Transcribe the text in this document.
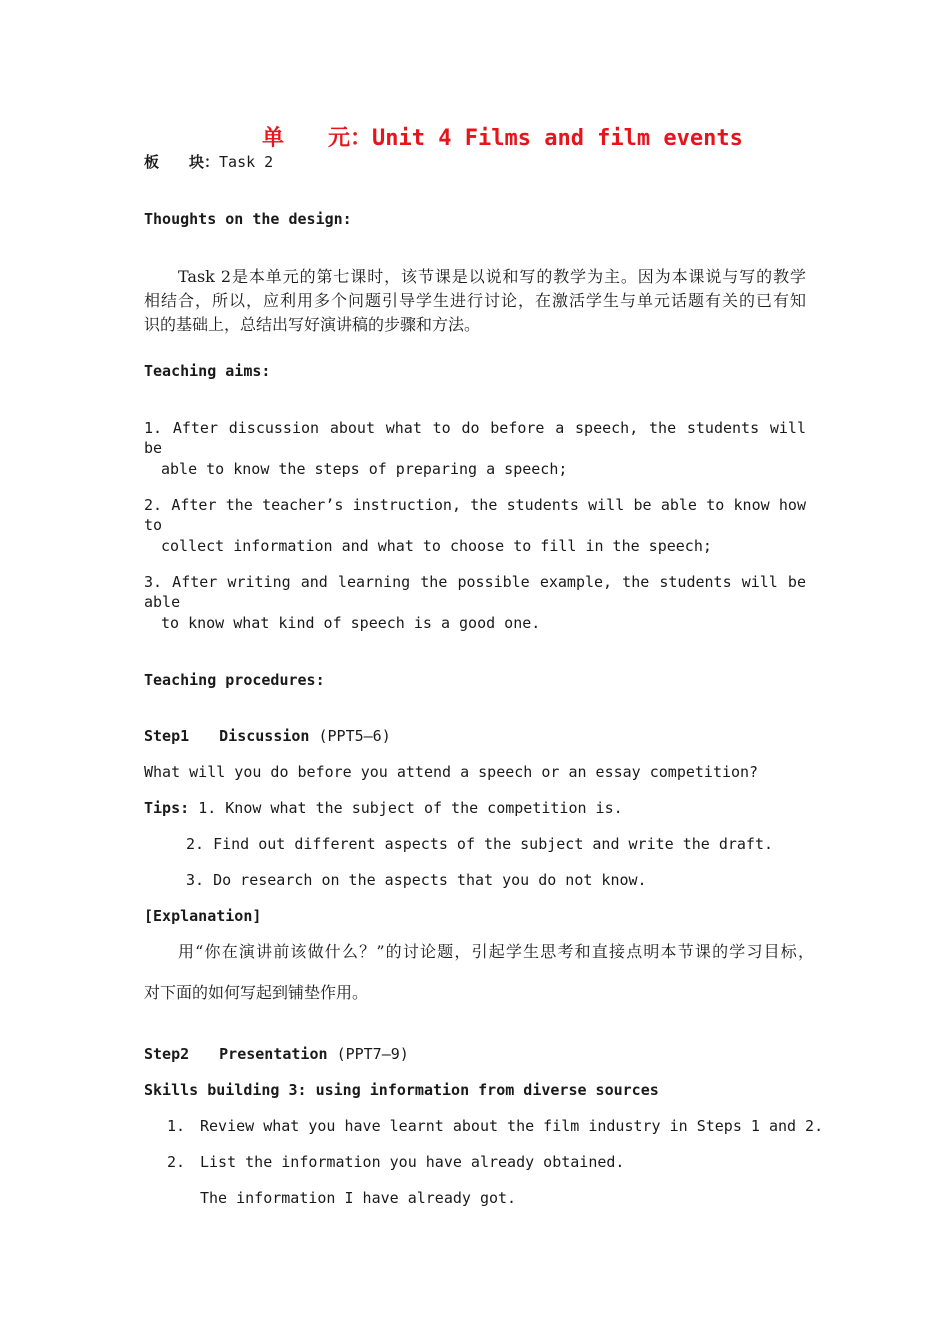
单　　元：Unit 4 Films and film events
板　　块：Task 2
Thoughts on the design:
Task 2是本单元的第七课时，该节课是以说和写的教学为主。因为本课说与写的教学
相结合，所以，应利用多个问题引导学生进行讨论，在激活学生与单元话题有关的已有知
识的基础上，总结出写好演讲稿的步骤和方法。
Teaching aims:
1. After discussion about what to do before a speech, the students will be
able to know the steps of preparing a speech;
2. After the teacher’s instruction, the students will be able to know how to
collect information and what to choose to fill in the speech;
3. After writing and learning the possible example, the students will be able
to know what kind of speech is a good one.
Teaching procedures:
Step1 Discussion (PPT5—6)
What will you do before you attend a speech or an essay competition?
Tips: 1. Know what the subject of the competition is.
2. Find out different aspects of the subject and write the draft.
3. Do research on the aspects that you do not know.
[Explanation]
用“你在演讲前该做什么？”的讨论题，引起学生思考和直接点明本节课的学习目标，
对下面的如何写起到铺垫作用。
Step2 Presentation (PPT7—9)
Skills building 3: using information from diverse sources
1. Review what you have learnt about the film industry in Steps 1 and 2.
2. List the information you have already obtained.
The information I have already got.
